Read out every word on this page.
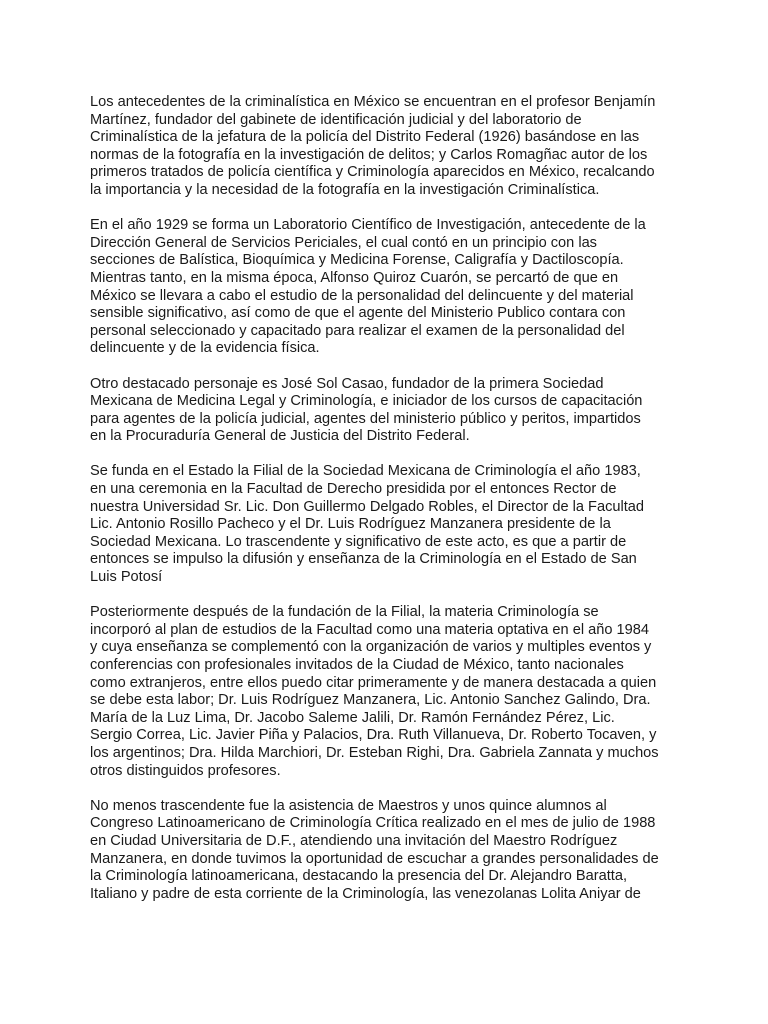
Los antecedentes de la criminalística en México se encuentran en el profesor Benjamín
Martínez, fundador del gabinete de identificación judicial y del laboratorio de
Criminalística de la jefatura de la policía del Distrito Federal (1926) basándose en las
normas de la fotografía en la investigación de delitos; y Carlos Romagñac autor de los
primeros tratados de policía científica y Criminología aparecidos en México, recalcando
la importancia y la necesidad de la fotografía en la investigación Criminalística.

En el año 1929 se forma un Laboratorio Científico de Investigación, antecedente de la
Dirección General de Servicios Periciales, el cual contó en un principio con las
secciones de Balística, Bioquímica y Medicina Forense, Caligrafía y Dactiloscopía.
Mientras tanto, en la misma época, Alfonso Quiroz Cuarón, se percartó de que en
México se llevara a cabo el estudio de la personalidad del delincuente y del material
sensible significativo, así como de que el agente del Ministerio Publico contara con
personal seleccionado y capacitado para realizar el examen de la personalidad del
delincuente y de la evidencia física.

Otro destacado personaje es José Sol Casao, fundador de la primera Sociedad
Mexicana de Medicina Legal y Criminología, e iniciador de los cursos de capacitación
para agentes de la policía judicial, agentes del ministerio público y peritos, impartidos
en la Procuraduría General de Justicia del Distrito Federal.

Se funda en el Estado la Filial de la Sociedad Mexicana de Criminología el año 1983,
en una ceremonia en la Facultad de Derecho presidida por el entonces Rector de
nuestra Universidad Sr. Lic. Don Guillermo Delgado Robles, el Director de la Facultad
Lic. Antonio Rosillo Pacheco y el Dr. Luis Rodríguez Manzanera presidente de la
Sociedad Mexicana. Lo trascendente y significativo de este acto, es que a partir de
entonces se impulso la difusión y enseñanza de la Criminología en el Estado de San
Luis Potosí

Posteriormente después de la fundación de la Filial, la materia Criminología se
incorporó al plan de estudios de la Facultad como una materia optativa en el año 1984
y cuya enseñanza se complementó con la organización de varios y multiples eventos y
conferencias con profesionales invitados de la Ciudad de México, tanto nacionales
como extranjeros, entre ellos puedo citar primeramente y de manera destacada a quien
se debe esta labor; Dr. Luis Rodríguez Manzanera, Lic. Antonio Sanchez Galindo, Dra.
María de la Luz Lima, Dr. Jacobo Saleme Jalili, Dr. Ramón Fernández Pérez, Lic.
Sergio Correa, Lic. Javier Piña y Palacios, Dra. Ruth Villanueva, Dr. Roberto Tocaven, y
los argentinos; Dra. Hilda Marchiori, Dr. Esteban Righi, Dra. Gabriela Zannata y muchos
otros distinguidos profesores.

No menos trascendente fue la asistencia de Maestros y unos quince alumnos al
Congreso Latinoamericano de Criminología Crítica realizado en el mes de julio de 1988
en Ciudad Universitaria de D.F., atendiendo una invitación del Maestro Rodríguez
Manzanera, en donde tuvimos la oportunidad de escuchar a grandes personalidades de
la Criminología latinoamericana, destacando la presencia del Dr. Alejandro Baratta,
Italiano y padre de esta corriente de la Criminología, las venezolanas Lolita Aniyar de
